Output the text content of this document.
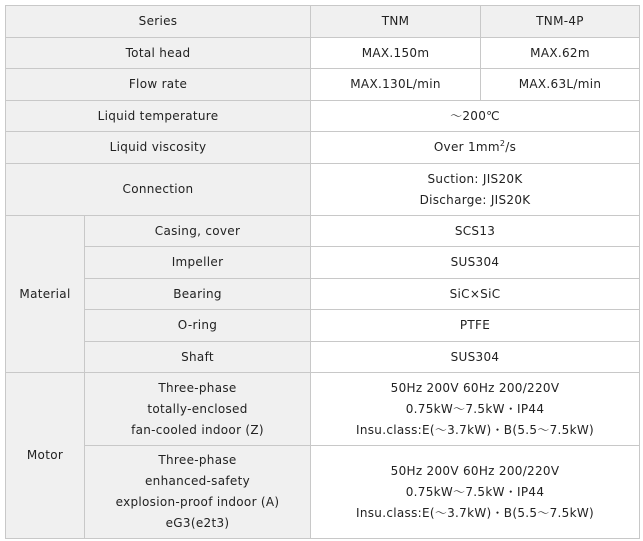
Series		TNM	TNM-4P
Total head		MAX.150m	MAX.62m
Flow rate		MAX.130L/min	MAX.63L/min
Liquid temperature		～200℃	
Liquid viscosity		Over $1mm^2/s$	
Connection		Suction: JIS20K
Discharge: JIS20K	

Material	Casing, cover	SCS13	
	Impeller	SUS304	
	Bearing	SiC×SiC	
	O-ring	PTFE	
	Shaft	SUS304	
Motor	Three-phase
totally-enclosed
fan-cooled indoor (Z)	50Hz 200V 60Hz 200/220V
0.75kW～7.5kW・IP44
Insu.class:E(～3.7kW)・B(5.5～7.5kW)	

	Three-phase
enhanced-safety
explosion-proof indoor (A)
eG3(e2t3)	50Hz 200V 60Hz 200/220V
0.75kW～7.5kW・IP44
Insu.class:E(～3.7kW)・B(5.5～7.5kW)	
